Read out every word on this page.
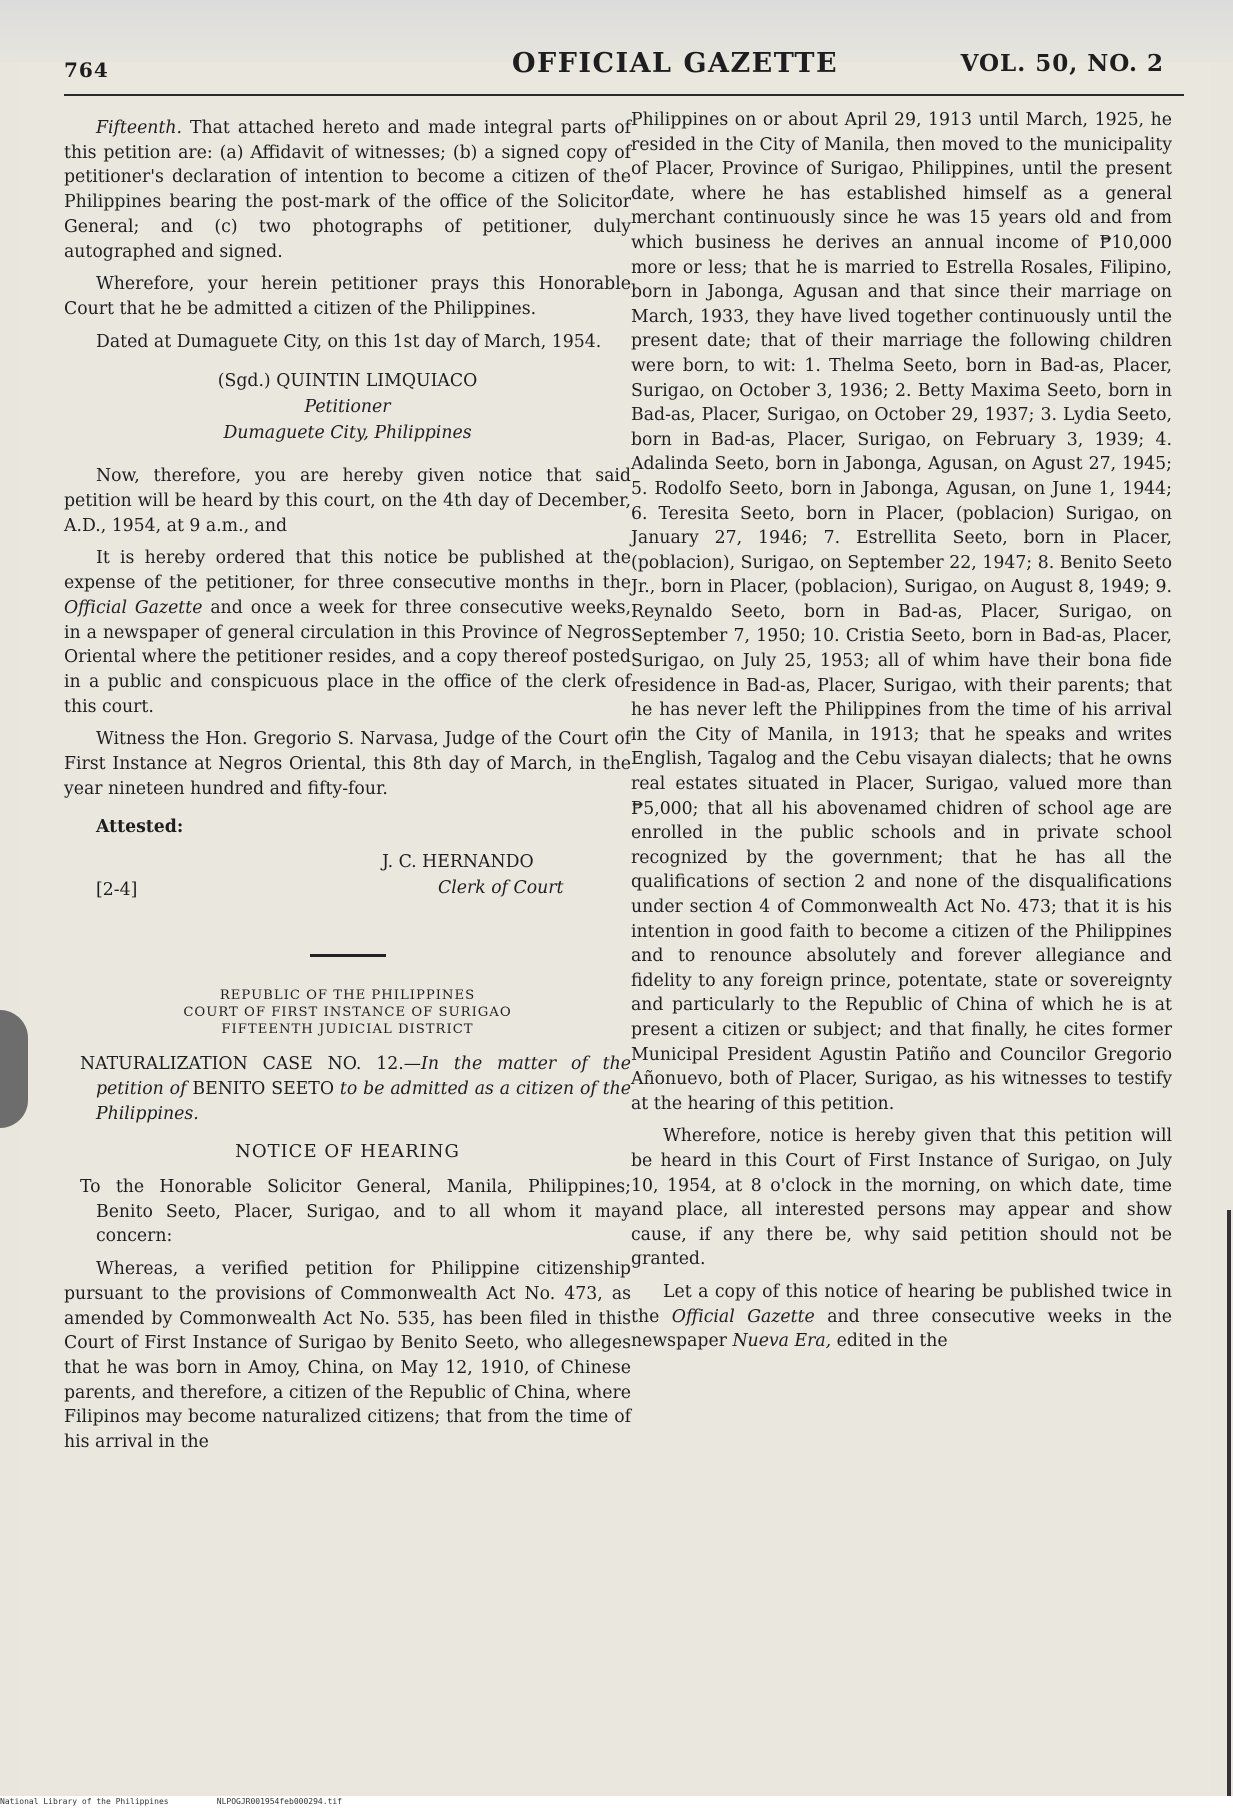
764	OFFICIAL GAZETTE	VOL. 50, NO. 2

Fifteenth. That attached hereto and made integral parts of this petition are: (a) Affidavit of witnesses; (b) a signed copy of petitioner's declaration of intention to become a citizen of the Philippines bearing the post-mark of the office of the Solicitor General; and (c) two photographs of petitioner, duly autographed and signed.

Wherefore, your herein petitioner prays this Honorable Court that he be admitted a citizen of the Philippines.

Dated at Dumaguete City, on this 1st day of March, 1954.

(Sgd.) QUINTIN LIMQUIACO
Petitioner
Dumaguete City, Philippines

Now, therefore, you are hereby given notice that said petition will be heard by this court, on the 4th day of December, A.D., 1954, at 9 a.m., and

It is hereby ordered that this notice be published at the expense of the petitioner, for three consecutive months in the Official Gazette and once a week for three consecutive weeks, in a newspaper of general circulation in this Province of Negros Oriental where the petitioner resides, and a copy thereof posted in a public and conspicuous place in the office of the clerk of this court.

Witness the Hon. Gregorio S. Narvasa, Judge of the Court of First Instance at Negros Oriental, this 8th day of March, in the year nineteen hundred and fifty-four.

Attested:
J. C. HERNANDO
Clerk of Court
[2-4]
REPUBLIC OF THE PHILIPPINES
COURT OF FIRST INSTANCE OF SURIGAO
FIFTEENTH JUDICIAL DISTRICT

NATURALIZATION CASE NO. 12.—In the matter of the petition of BENITO SEETO to be admitted as a citizen of the Philippines.

NOTICE OF HEARING

To the Honorable Solicitor General, Manila, Philippines; Benito Seeto, Placer, Surigao, and to all whom it may concern:

Whereas, a verified petition for Philippine citizenship pursuant to the provisions of Commonwealth Act No. 473, as amended by Commonwealth Act No. 535, has been filed in this Court of First Instance of Surigao by Benito Seeto, who alleges that he was born in Amoy, China, on May 12, 1910, of Chinese parents, and therefore, a citizen of the Republic of China, where Filipinos may become naturalized citizens; that from the time of his arrival in the

Philippines on or about April 29, 1913 until March, 1925, he resided in the City of Manila, then moved to the municipality of Placer, Province of Surigao, Philippines, until the present date, where he has established himself as a general merchant continuously since he was 15 years old and from which business he derives an annual income of ₱10,000 more or less; that he is married to Estrella Rosales, Filipino, born in Jabonga, Agusan and that since their marriage on March, 1933, they have lived together continuously until the present date; that of their marriage the following children were born, to wit: 1. Thelma Seeto, born in Bad-as, Placer, Surigao, on October 3, 1936; 2. Betty Maxima Seeto, born in Bad-as, Placer, Surigao, on October 29, 1937; 3. Lydia Seeto, born in Bad-as, Placer, Surigao, on February 3, 1939; 4. Adalinda Seeto, born in Jabonga, Agusan, on Agust 27, 1945; 5. Rodolfo Seeto, born in Jabonga, Agusan, on June 1, 1944; 6. Teresita Seeto, born in Placer, (poblacion) Surigao, on January 27, 1946; 7. Estrellita Seeto, born in Placer, (poblacion), Surigao, on September 22, 1947; 8. Benito Seeto Jr., born in Placer, (poblacion), Surigao, on August 8, 1949; 9. Reynaldo Seeto, born in Bad-as, Placer, Surigao, on September 7, 1950; 10. Cristia Seeto, born in Bad-as, Placer, Surigao, on July 25, 1953; all of whim have their bona fide residence in Bad-as, Placer, Surigao, with their parents; that he has never left the Philippines from the time of his arrival in the City of Manila, in 1913; that he speaks and writes English, Tagalog and the Cebu visayan dialects; that he owns real estates situated in Placer, Surigao, valued more than ₱5,000; that all his abovenamed chidren of school age are enrolled in the public schools and in private school recognized by the government; that he has all the qualifications of section 2 and none of the disqualifications under section 4 of Commonwealth Act No. 473; that it is his intention in good faith to become a citizen of the Philippines and to renounce absolutely and forever allegiance and fidelity to any foreign prince, potentate, state or sovereignty and particularly to the Republic of China of which he is at present a citizen or subject; and that finally, he cites former Municipal President Agustin Patiño and Councilor Gregorio Añonuevo, both of Placer, Surigao, as his witnesses to testify at the hearing of this petition.

Wherefore, notice is hereby given that this petition will be heard in this Court of First Instance of Surigao, on July 10, 1954, at 8 o'clock in the morning, on which date, time and place, all interested persons may appear and show cause, if any there be, why said petition should not be granted.

Let a copy of this notice of hearing be published twice in the Official Gazette and three consecutive weeks in the newspaper Nueva Era, edited in the

National Library of the Philippines	NLPOGJR001954feb000294.tif
